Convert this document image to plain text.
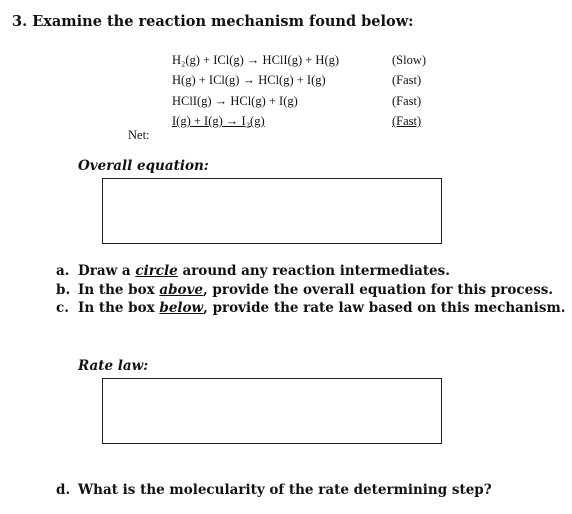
3. Examine the reaction mechanism found below:
H₂(g) + ICl(g) → HClI(g) + H(g)	(Slow)
H(g) + ICl(g) → HCl(g) + I(g)	(Fast)
HClI(g) → HCl(g) + I(g)	(Fast)
I(g) + I(g) → I₂(g)	(Fast)
Net:
Overall equation:
a. Draw a circle around any reaction intermediates.
b. In the box above, provide the overall equation for this process.
c. In the box below, provide the rate law based on this mechanism.
Rate law:
d. What is the molecularity of the rate determining step?
